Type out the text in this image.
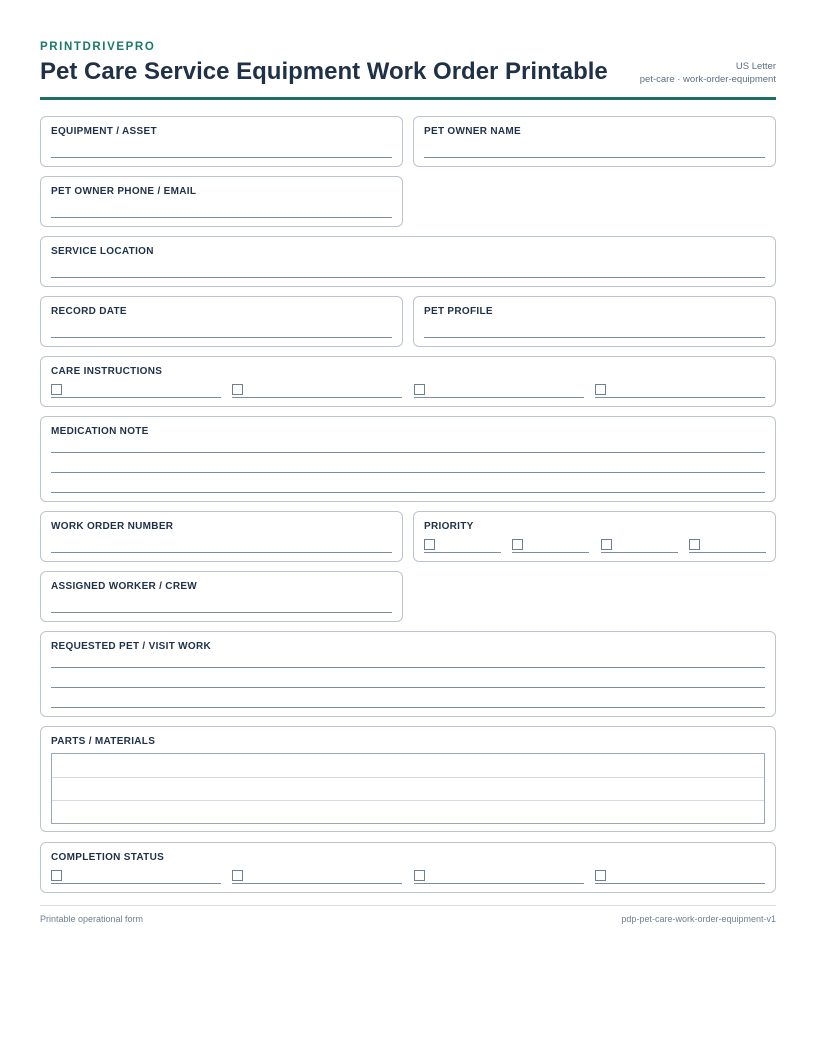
PRINTDRIVEPRO
Pet Care Service Equipment Work Order Printable	US Letter
pet-care · work-order-equipment
EQUIPMENT / ASSET	PET OWNER NAME
PET OWNER PHONE / EMAIL
SERVICE LOCATION
RECORD DATE	PET PROFILE
CARE INSTRUCTIONS
MEDICATION NOTE
WORK ORDER NUMBER	PRIORITY
ASSIGNED WORKER / CREW
REQUESTED PET / VISIT WORK
PARTS / MATERIALS
COMPLETION STATUS
Printable operational form	pdp-pet-care-work-order-equipment-v1
